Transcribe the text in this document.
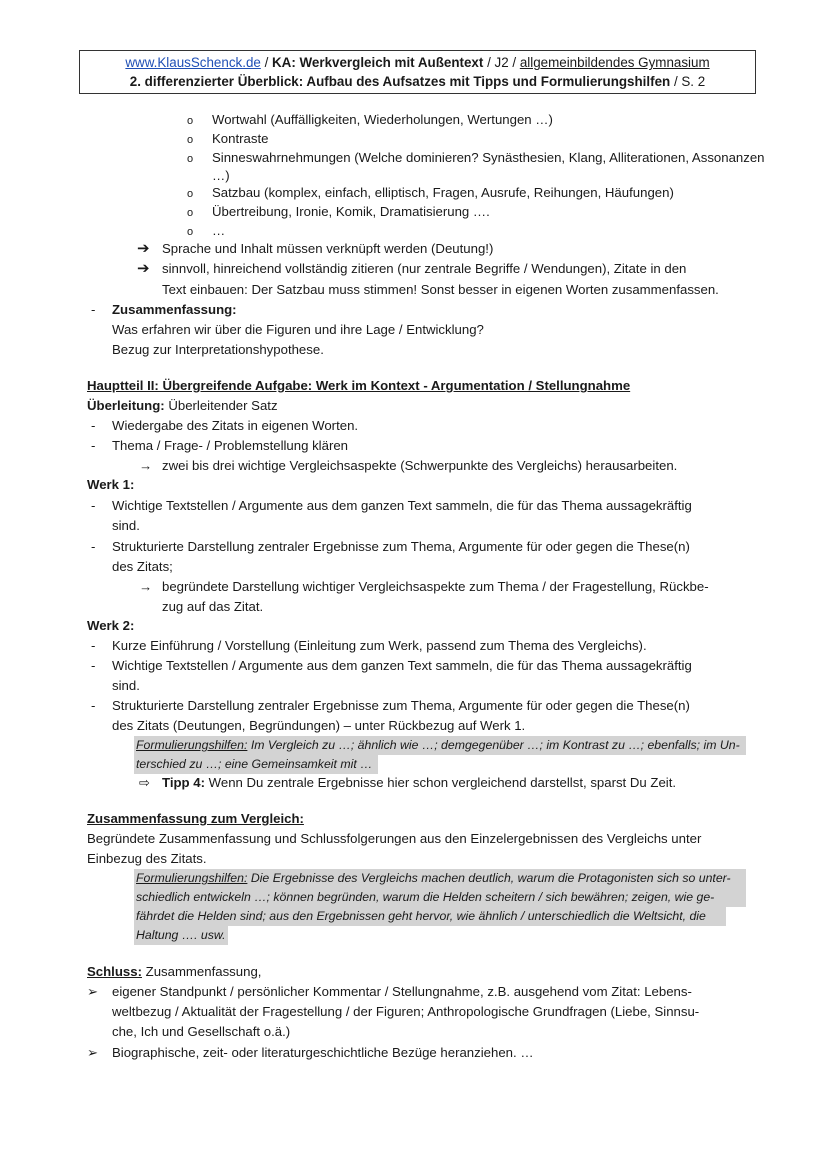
www.KlausSchenck.de / KA: Werkvergleich mit Außentext / J2 / allgemeinbildendes Gymnasium
2. differenzierter Überblick: Aufbau des Aufsatzes mit Tipps und Formulierungshilfen / S. 2
o Wortwahl (Auffälligkeiten, Wiederholungen, Wertungen …)
o Kontraste
o Sinneswahrnehmungen (Welche dominieren? Synästhesien, Klang, Alliterationen, Assonanzen
…)
o Satzbau (komplex, einfach, elliptisch, Fragen, Ausrufe, Reihungen, Häufungen)
o Übertreibung, Ironie, Komik, Dramatisierung ….
o …
➔ Sprache und Inhalt müssen verknüpft werden (Deutung!)
➔ sinnvoll, hinreichend vollständig zitieren (nur zentrale Begriffe / Wendungen), Zitate in den
Text einbauen: Der Satzbau muss stimmen! Sonst besser in eigenen Worten zusammenfassen.
- Zusammenfassung:
Was erfahren wir über die Figuren und ihre Lage / Entwicklung?
Bezug zur Interpretationshypothese.
Hauptteil II: Übergreifende Aufgabe: Werk im Kontext - Argumentation / Stellungnahme
Überleitung: Überleitender Satz
- Wiedergabe des Zitats in eigenen Worten.
- Thema / Frage- / Problemstellung klären
→ zwei bis drei wichtige Vergleichsaspekte (Schwerpunkte des Vergleichs) herausarbeiten.
Werk 1:
- Wichtige Textstellen / Argumente aus dem ganzen Text sammeln, die für das Thema aussagekräftig
sind.
- Strukturierte Darstellung zentraler Ergebnisse zum Thema, Argumente für oder gegen die These(n)
des Zitats;
→ begründete Darstellung wichtiger Vergleichsaspekte zum Thema / der Fragestellung, Rückbe-
zug auf das Zitat.
Werk 2:
- Kurze Einführung / Vorstellung (Einleitung zum Werk, passend zum Thema des Vergleichs).
- Wichtige Textstellen / Argumente aus dem ganzen Text sammeln, die für das Thema aussagekräftig
sind.
- Strukturierte Darstellung zentraler Ergebnisse zum Thema, Argumente für oder gegen die These(n)
des Zitats (Deutungen, Begründungen) – unter Rückbezug auf Werk 1.
Formulierungshilfen: Im Vergleich zu …; ähnlich wie …; demgegenüber …; im Kontrast zu …; ebenfalls; im Un-
terschied zu …; eine Gemeinsamkeit mit …
⇨ Tipp 4: Wenn Du zentrale Ergebnisse hier schon vergleichend darstellst, sparst Du Zeit.
Zusammenfassung zum Vergleich:
Begründete Zusammenfassung und Schlussfolgerungen aus den Einzelergebnissen des Vergleichs unter
Einbezug des Zitats.
Formulierungshilfen: Die Ergebnisse des Vergleichs machen deutlich, warum die Protagonisten sich so unter-
schiedlich entwickeln …; können begründen, warum die Helden scheitern / sich bewähren; zeigen, wie ge-
fährdet die Helden sind; aus den Ergebnissen geht hervor, wie ähnlich / unterschiedlich die Weltsicht, die
Haltung …. usw.
Schluss: Zusammenfassung,
➢ eigener Standpunkt / persönlicher Kommentar / Stellungnahme, z.B. ausgehend vom Zitat: Lebens-
weltbezug / Aktualität der Fragestellung / der Figuren; Anthropologische Grundfragen (Liebe, Sinnsu-
che, Ich und Gesellschaft o.ä.)
➢ Biographische, zeit- oder literaturgeschichtliche Bezüge heranziehen. …
